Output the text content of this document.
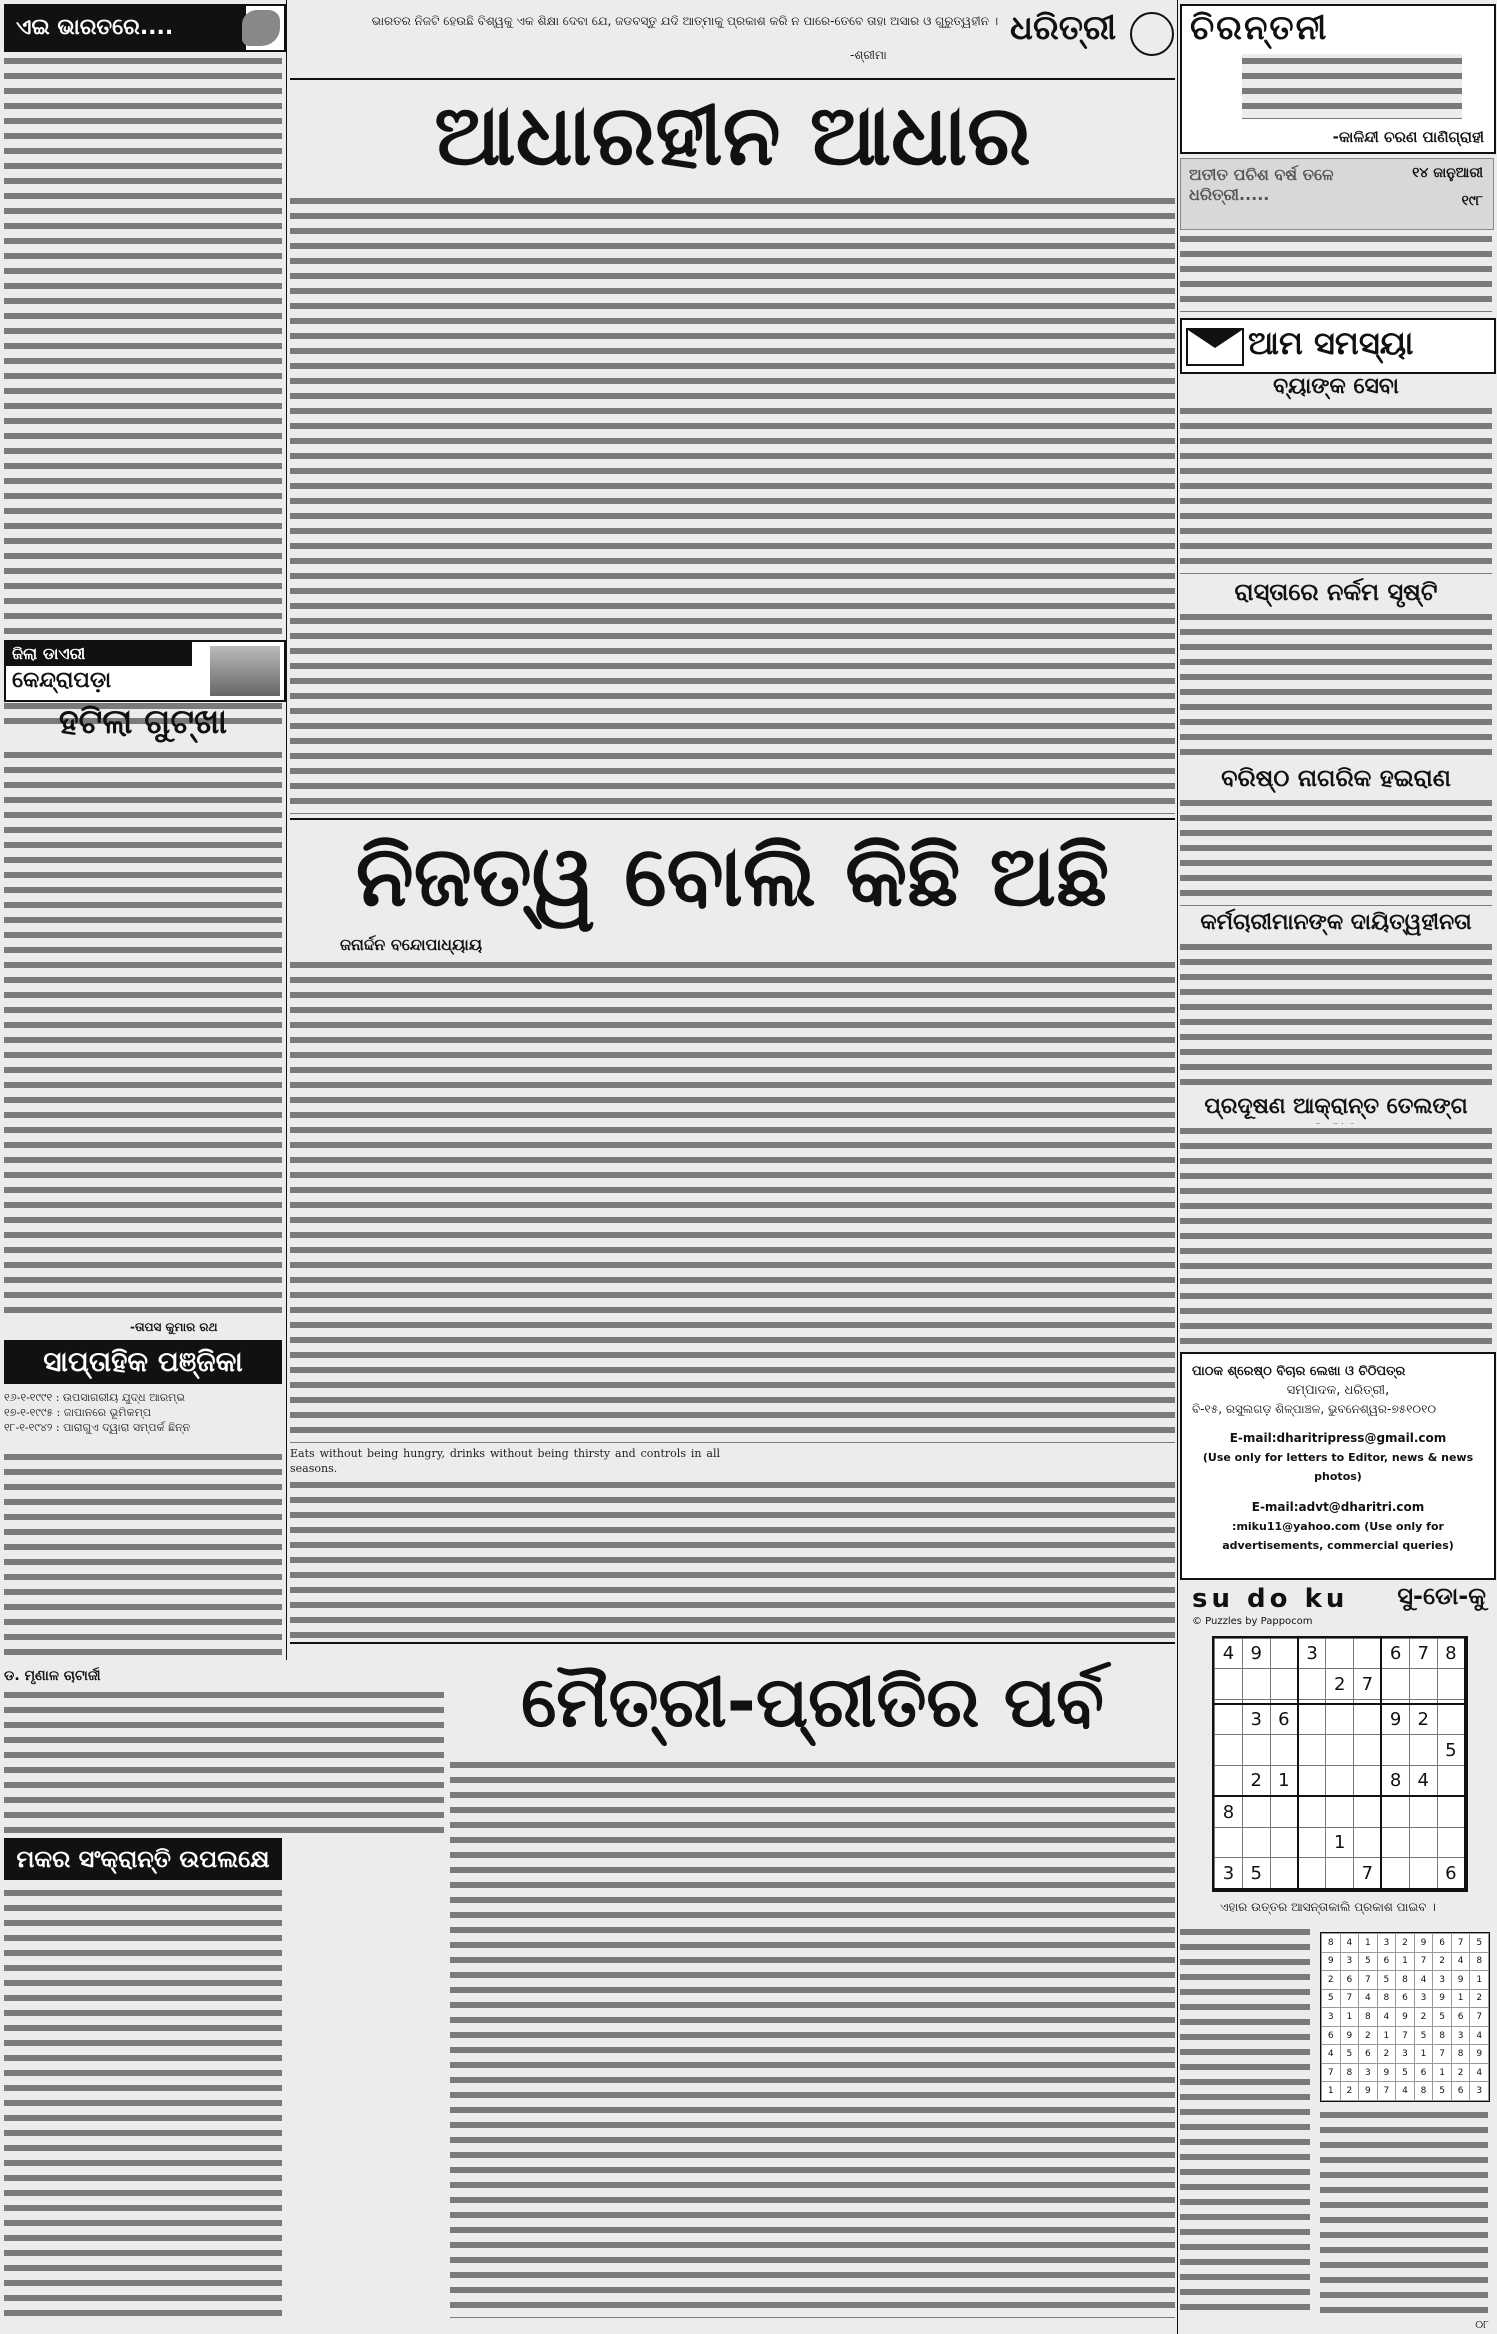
ଏଇ ଭାରତରେ....
ଜିଲା ଡାଏରୀ
କେନ୍ଦ୍ରାପଡ଼ା
ହଟିଲା ଗୁଟ୍ଖା
-ତାପସ କୁମାର ରଥ
ସାପ୍ତାହିକ ପଞ୍ଜିକା
୧୬-୧-୧୯୯୧ : ଉପସାଗରୀୟ ଯୁଦ୍ଧ ଆରମ୍ଭ
୧୭-୧-୧୯୯୫ : ଜାପାନରେ ଭୂମିକମ୍ପ
୧୮-୧-୧୯୪୨ : ପାରାଗୁଏ ଦ୍ୱାରା ସମ୍ପର୍କ ଛିନ୍ନ
ଡ. ମୃଣାଳ ଚାଟାର୍ଜୀ
ମକର ସଂକ୍ରାନ୍ତି ଉପଲକ୍ଷେ
ଭାରତର ନିଜଟି ହେଉଛି ବିଶ୍ୱକୁ ଏକ ଶିକ୍ଷା ଦେବା ଯେ, ଜଡବସ୍ତୁ ଯଦି ଆତ୍ମାକୁ ପ୍ରକାଶ କରି ନ ପାରେ-ତେବେ ତାହା ଅସାର ଓ ଗୁରୁତ୍ୱହୀନ ।
-ଶ୍ରୀମା
ଧରିତ୍ରୀ
ଆଧାରହୀନ ଆଧାର
ନିଜତ୍ୱ ବୋଲି କିଛି ଅଛି
ଜନାର୍ଦ୍ଦନ ବନ୍ଦୋପାଧ୍ୟାୟ
Eats without being hungry, drinks without being thirsty and controls in all seasons.
ମୈତ୍ରୀ-ପ୍ରୀତିର ପର୍ବ
ଚିରନ୍ତନୀ
-କାଳିନ୍ଦୀ ଚରଣ ପାଣିଗ୍ରାହୀ
ଅତୀତ ପଚିଶ ବର୍ଷ ତଳେ ଧରିତ୍ରୀ.....
୧୪ ଜାନୁଆରୀ
୧୯୮
ଆମ ସମସ୍ୟା
ବ୍ୟାଙ୍କ ସେବା
ରାସ୍ତାରେ ନର୍କମ ସୃଷ୍ଟି
ବରିଷ୍ଠ ନାଗରିକ ହଇରାଣ
କର୍ମଚାରୀମାନଙ୍କ ଦାୟିତ୍ୱହୀନତା
ପ୍ରଦୂଷଣ ଆକ୍ରାନ୍ତ ତେଲଙ୍ଗ
ପାଠକ ଶ୍ରେଷ୍ଠ ବିଚାର ଲେଖା ଓ ଚିଠିପତ୍ର
ସମ୍ପାଦକ, ଧରିତ୍ରୀ,
ବି-୧୫, ରସୁଲଗଡ଼ ଶିଳ୍ପାଞ୍ଚଳ, ଭୁବନେଶ୍ୱର-୭୫୧୦୧୦
E-mail:dharitripress@gmail.com
(Use only for letters to Editor, news & news photos)
E-mail:advt@dharitri.com
:miku11@yahoo.com (Use only for advertisements, commercial queries)
su do ku
© Puzzles by Pappocom
ସୁ-ଡୋ-କୁ
4	9		3			6	7	8
				2	7			

	3	6				9	2	
								5
	2	1				8	4	
8								
				1				
3	5				7			6
ଏହାର ଉତ୍ତର ଆସନ୍ତାକାଲି ପ୍ରକାଶ ପାଇବ ।
8	4	1	3	2	9	6	7	5
9	3	5	6	1	7	2	4	8
2	6	7	5	8	4	3	9	1
5	7	4	8	6	3	9	1	2
3	1	8	4	9	2	5	6	7
6	9	2	1	7	5	8	3	4
4	5	6	2	3	1	7	8	9
7	8	3	9	5	6	1	2	4
1	2	9	7	4	8	5	6	3
୦୮
